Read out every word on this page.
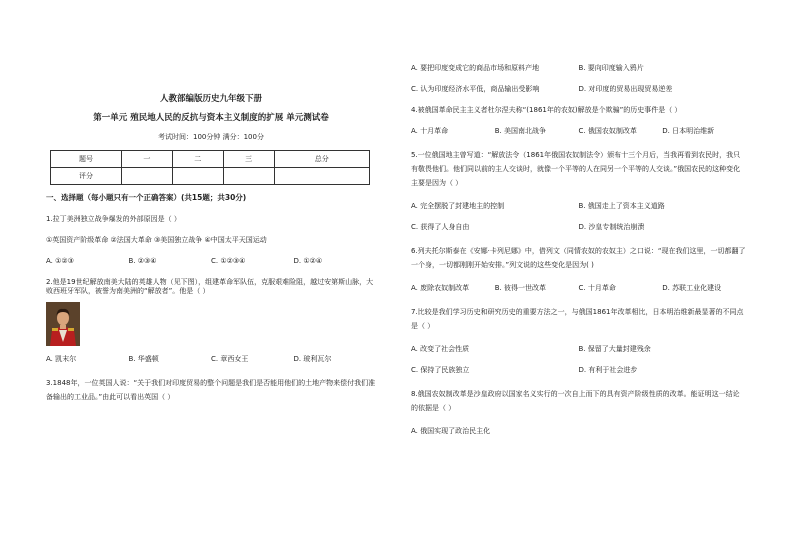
人教部编版历史九年级下册
第一单元 殖民地人民的反抗与资本主义制度的扩展 单元测试卷
考试时间：100分钟 满分：100分
题号	一	二	三	总分
评分				
一、选择题（每小题只有一个正确答案）(共15题；共30分)
1.拉丁美洲独立战争爆发的外部原因是（ ）
①英国资产阶级革命 ②法国大革命 ③美国独立战争 ④中国太平天国运动
A. ①②③	B. ②③④	C. ①②③④	D. ①②④
2.他是19世纪解放南美大陆的英雄人物（见下图），组建革命军队伍，克服艰难险阻，越过安第斯山脉，大败西班牙军队，被誉为南美洲的“解放者”。他是（ ）
A. 凯末尔	B. 华盛顿	C. 章西女王	D. 玻利瓦尔
3.1848年，一位英国人说：“关于我们对印度贸易的整个问题是我们是否能用他们的土地产物来偿付我们准备输出的工业品。”由此可以看出英国（ ）
A. 要把印度变成它的商品市场和原料产地	B. 要向印度输入鸦片
C. 认为印度经济水平低，商品输出受影响	D. 对印度的贸易出现贸易逆差
4.被俄国革命民主主义者杜尔涅夫称“(1861年的农奴)解放是个欺骗”的历史事件是（ ）
A. 十月革命	B. 美国南北战争	C. 俄国农奴制改革	D. 日本明治维新
5.一位俄国地主曾写道：“解放法令（1861年俄国农奴制法令）颁布十三个月后，当我再看到农民时，我只有敬畏他们。他们同以前的主人交谈时，就像一个平等的人在同另一个平等的人交谈。”俄国农民的这种变化主要是因为（ ）
A. 完全摆脱了封建地主的控制	B. 俄国走上了资本主义道路
C. 获得了人身自由	D. 沙皇专制统治崩溃
6.列夫托尔斯泰在《安娜·卡列尼娜》中，借列文（同情农奴的农奴主）之口说：“现在我们这里，一切都翻了一个身，一切都刚刚开始安排。”列文说的这些变化是因为( )
A. 废除农奴制改革	B. 彼得一世改革	C. 十月革命	D. 苏联工业化建设
7.比较是我们学习历史和研究历史的重要方法之一，与俄国1861年改革相比，日本明治维新最显著的不同点是（ ）
A. 改变了社会性质	B. 保留了大量封建残余
C. 保持了民族独立	D. 有利于社会进步
8.俄国农奴制改革是沙皇政府以国家名义实行的一次自上而下的具有资产阶级性质的改革。能证明这一结论的依据是（ ）
A. 俄国实现了政治民主化
